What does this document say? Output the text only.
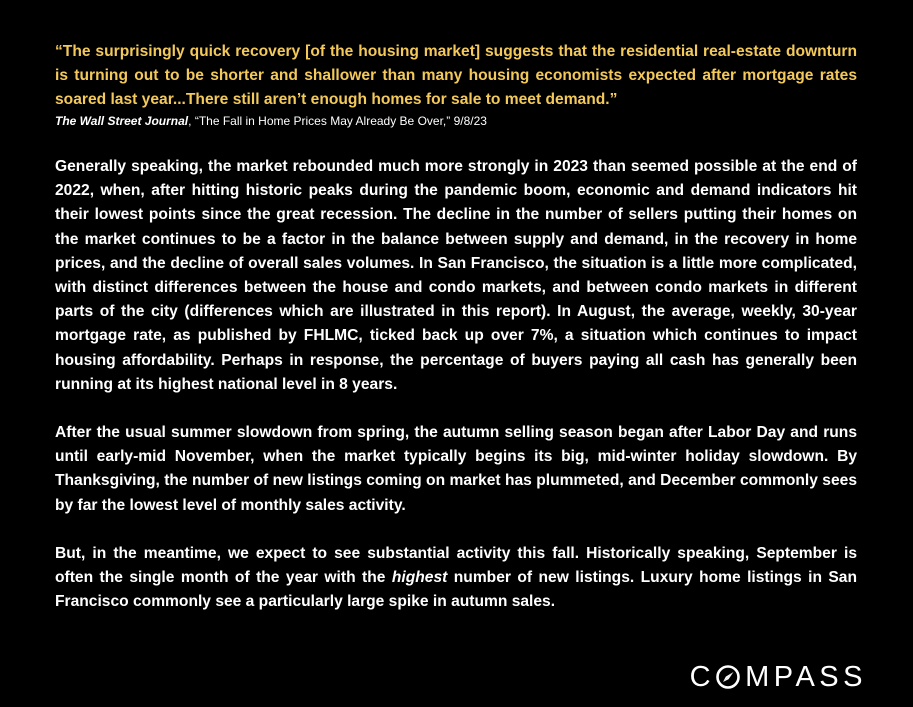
“The surprisingly quick recovery [of the housing market] suggests that the residential real-estate downturn is turning out to be shorter and shallower than many housing economists expected after mortgage rates soared last year...There still aren’t enough homes for sale to meet demand.”

The Wall Street Journal, “The Fall in Home Prices May Already Be Over,” 9/8/23

Generally speaking, the market rebounded much more strongly in 2023 than seemed possible at the end of 2022, when, after hitting historic peaks during the pandemic boom, economic and demand indicators hit their lowest points since the great recession. The decline in the number of sellers putting their homes on the market continues to be a factor in the balance between supply and demand, in the recovery in home prices, and the decline of overall sales volumes. In San Francisco, the situation is a little more complicated, with distinct differences between the house and condo markets, and between condo markets in different parts of the city (differences which are illustrated in this report). In August, the average, weekly, 30-year mortgage rate, as published by FHLMC, ticked back up over 7%, a situation which continues to impact housing affordability. Perhaps in response, the percentage of buyers paying all cash has generally been running at its highest national level in 8 years.

After the usual summer slowdown from spring, the autumn selling season began after Labor Day and runs until early-mid November, when the market typically begins its big, mid-winter holiday slowdown. By Thanksgiving, the number of new listings coming on market has plummeted, and December commonly sees by far the lowest level of monthly sales activity.

But, in the meantime, we expect to see substantial activity this fall. Historically speaking, September is often the single month of the year with the highest number of new listings. Luxury home listings in San Francisco commonly see a particularly large spike in autumn sales.

C MPASS
